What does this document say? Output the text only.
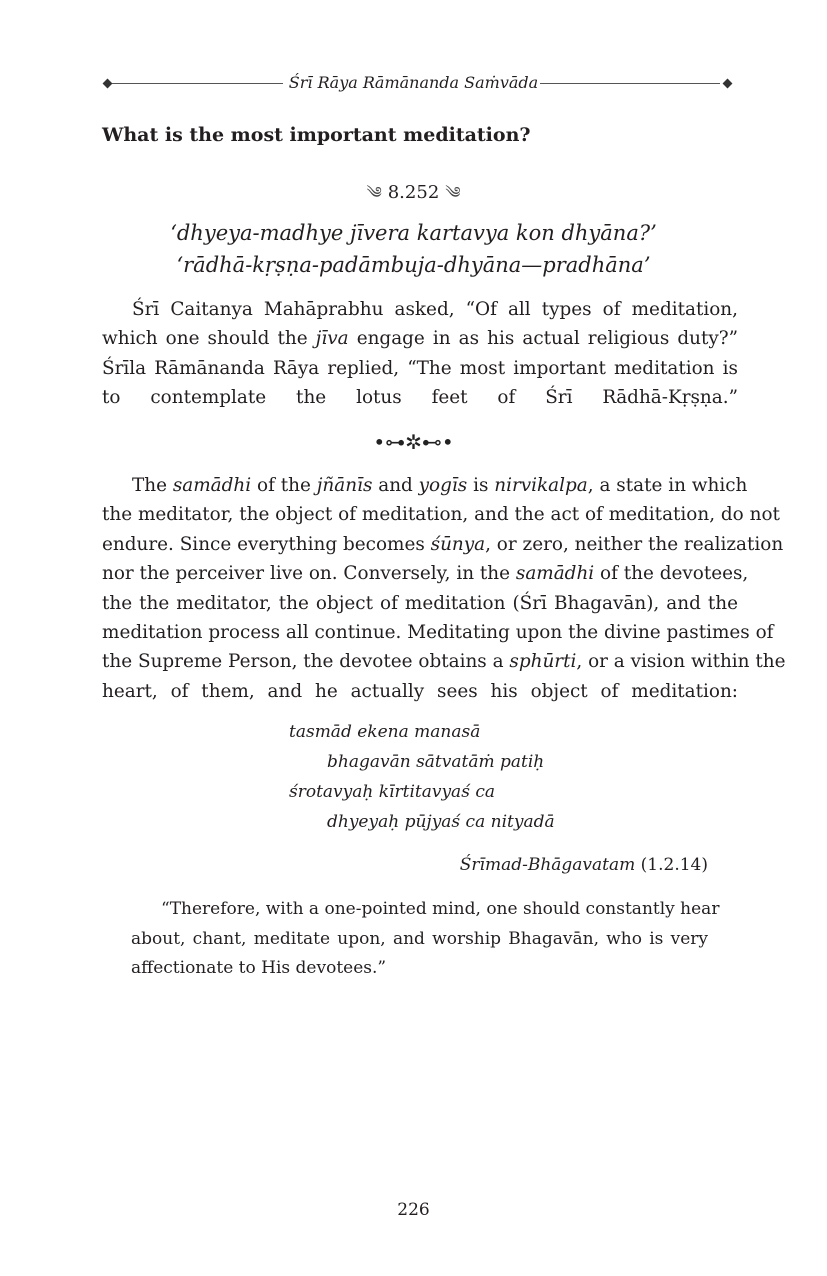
Śrī Rāya Rāmānanda Saṁvāda
What is the most important meditation?
༄ 8.252 ༄
‘dhyeya-madhye jīvera kartavya kon dhyāna?’
‘rādhā-kṛṣṇa-padāmbuja-dhyāna—pradhāna’
Śrī Caitanya Mahāprabhu asked, “Of all types of meditation,
which one should the jīva engage in as his actual religious duty?”
Śrīla Rāmānanda Rāya replied, “The most important meditation is
to contemplate the lotus feet of Śrī Rādhā-Kṛṣṇa.”
•⊶✲⊷•
The samādhi of the jñānīs and yogīs is nirvikalpa, a state in which
the meditator, the object of meditation, and the act of meditation, do not
endure. Since everything becomes śūnya, or zero, neither the realization
nor the perceiver live on. Conversely, in the samādhi of the devotees,
the the meditator, the object of meditation (Śrī Bhagavān), and the
meditation process all continue. Meditating upon the divine pastimes of
the Supreme Person, the devotee obtains a sphūrti, or a vision within the
heart, of them, and he actually sees his object of meditation:
tasmād ekena manasā
bhagavān sātvatāṁ patiḥ
śrotavyaḥ kīrtitavyaś ca
dhyeyaḥ pūjyaś ca nityadā
Śrīmad-Bhāgavatam (1.2.14)
“Therefore, with a one-pointed mind, one should constantly hear
about, chant, meditate upon, and worship Bhagavān, who is very
affectionate to His devotees.”
226
